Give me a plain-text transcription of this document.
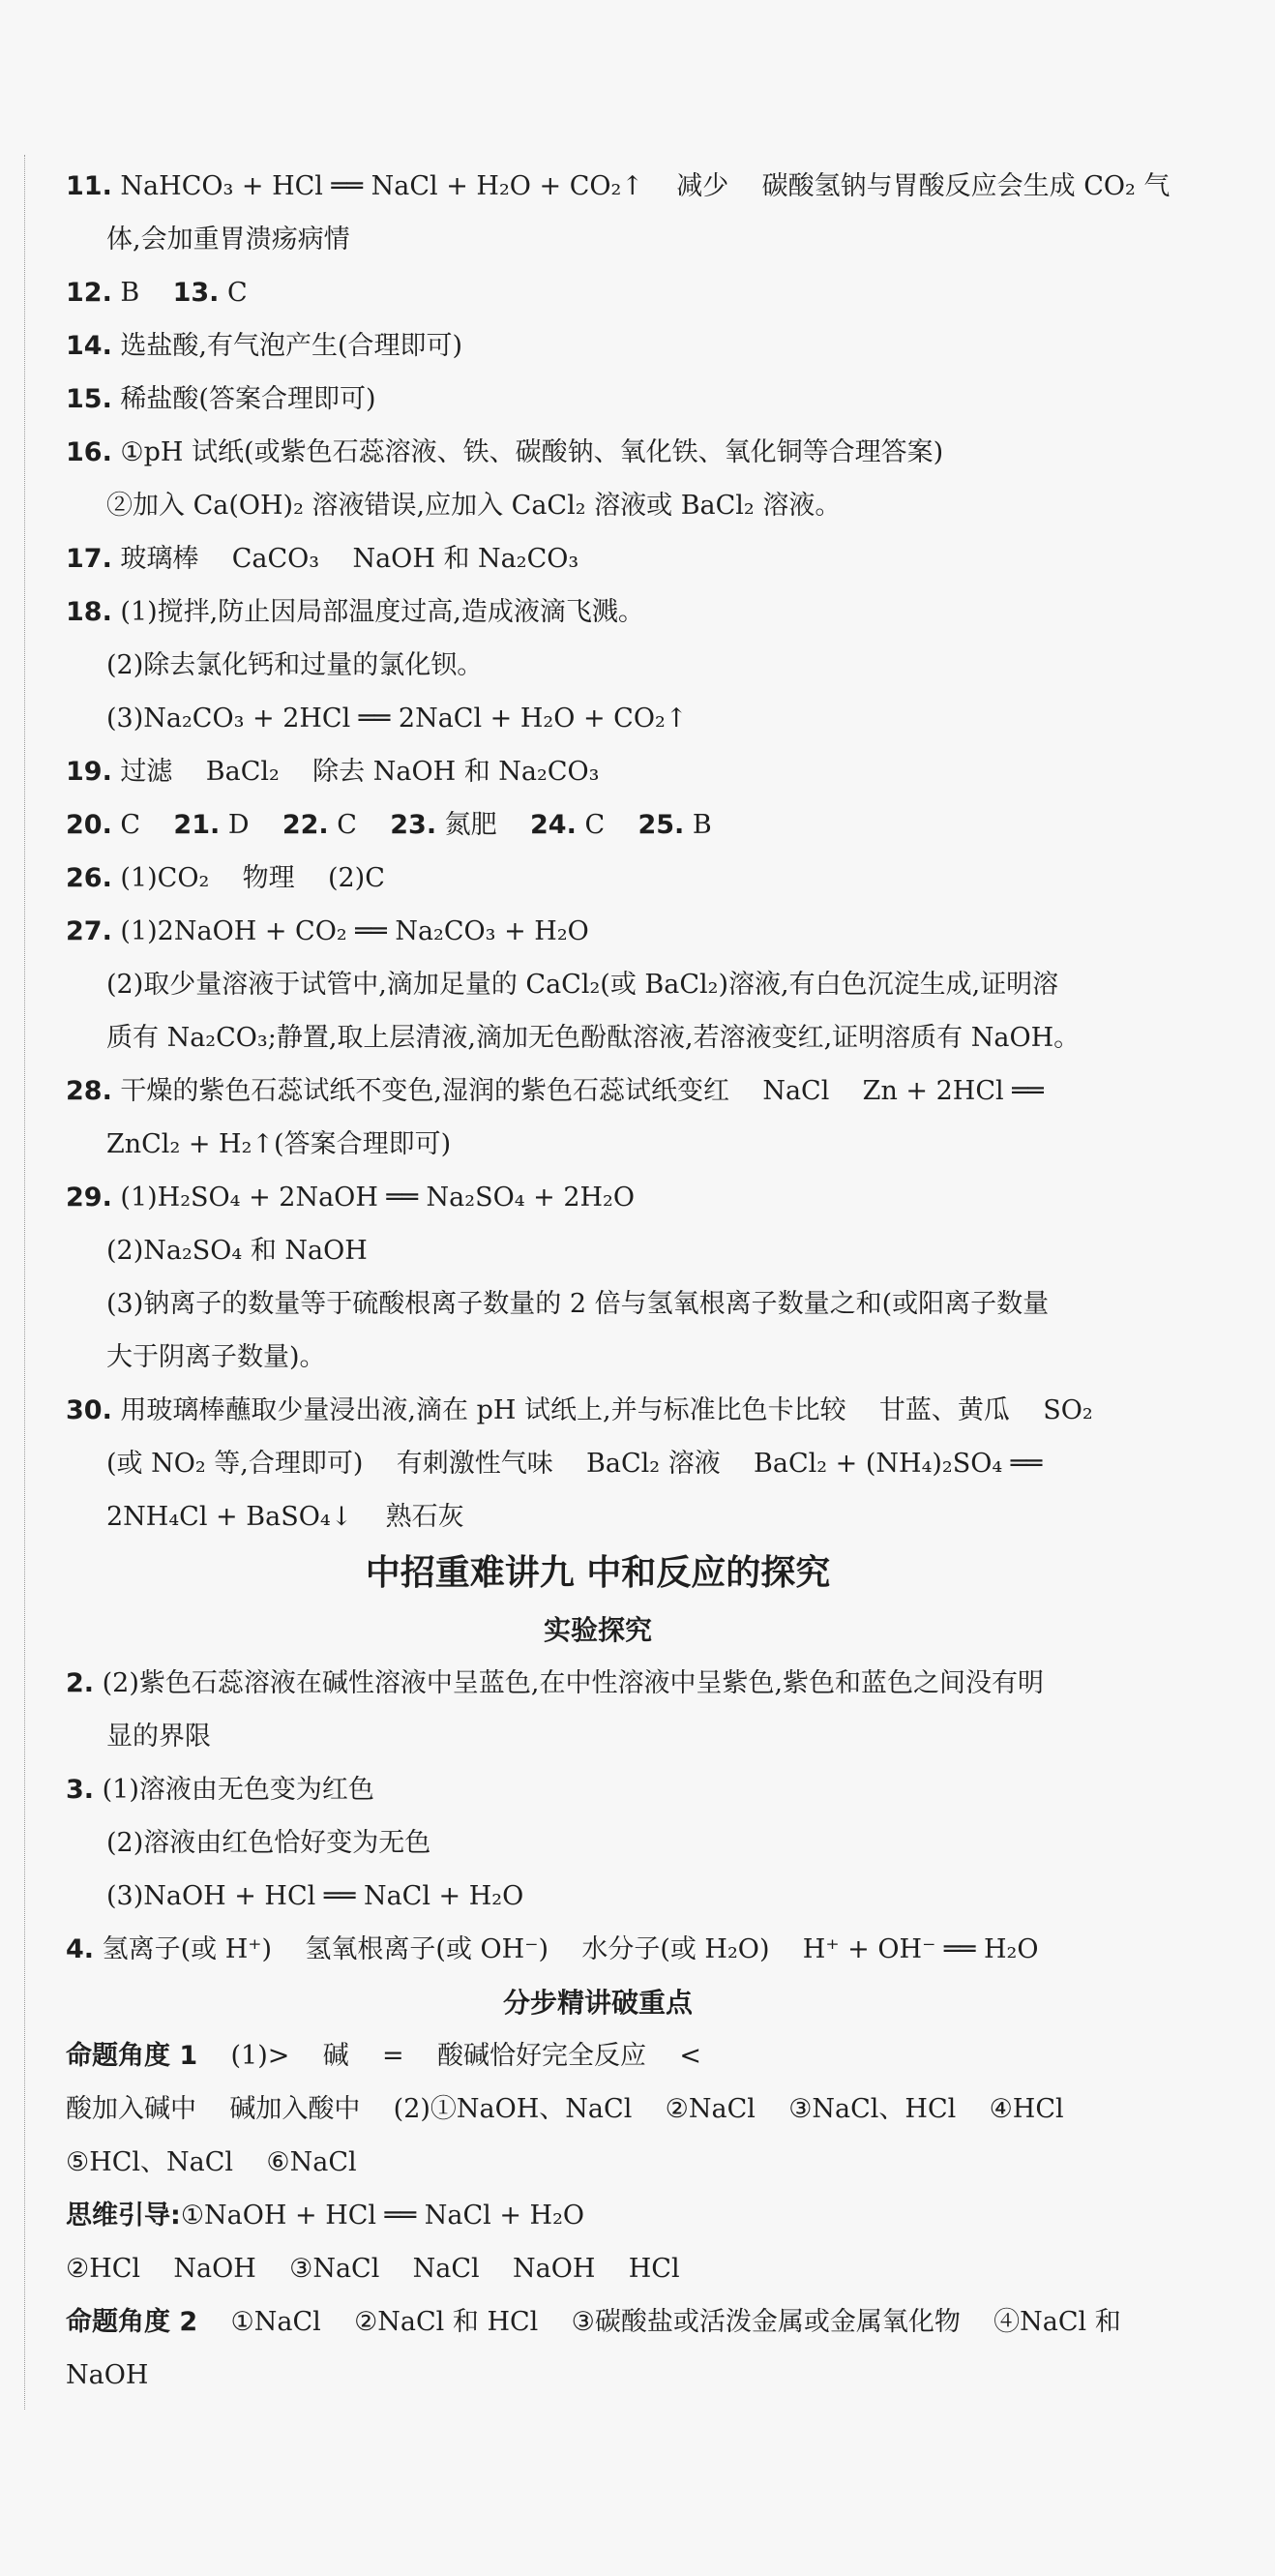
11. NaHCO₃ + HCl ══ NaCl + H₂O + CO₂↑    减少    碳酸氢钠与胃酸反应会生成 CO₂ 气
体,会加重胃溃疡病情
12. B    13. C
14. 选盐酸,有气泡产生(合理即可)
15. 稀盐酸(答案合理即可)
16. ①pH 试纸(或紫色石蕊溶液、铁、碳酸钠、氧化铁、氧化铜等合理答案)
②加入 Ca(OH)₂ 溶液错误,应加入 CaCl₂ 溶液或 BaCl₂ 溶液。
17. 玻璃棒    CaCO₃    NaOH 和 Na₂CO₃
18. (1)搅拌,防止因局部温度过高,造成液滴飞溅。
(2)除去氯化钙和过量的氯化钡。
(3)Na₂CO₃ + 2HCl ══ 2NaCl + H₂O + CO₂↑
19. 过滤    BaCl₂    除去 NaOH 和 Na₂CO₃
20. C    21. D    22. C    23. 氮肥    24. C    25. B
26. (1)CO₂    物理    (2)C
27. (1)2NaOH + CO₂ ══ Na₂CO₃ + H₂O
(2)取少量溶液于试管中,滴加足量的 CaCl₂(或 BaCl₂)溶液,有白色沉淀生成,证明溶
质有 Na₂CO₃;静置,取上层清液,滴加无色酚酞溶液,若溶液变红,证明溶质有 NaOH。
28. 干燥的紫色石蕊试纸不变色,湿润的紫色石蕊试纸变红    NaCl    Zn + 2HCl ══
ZnCl₂ + H₂↑(答案合理即可)
29. (1)H₂SO₄ + 2NaOH ══ Na₂SO₄ + 2H₂O
(2)Na₂SO₄ 和 NaOH
(3)钠离子的数量等于硫酸根离子数量的 2 倍与氢氧根离子数量之和(或阳离子数量
大于阴离子数量)。
30. 用玻璃棒蘸取少量浸出液,滴在 pH 试纸上,并与标准比色卡比较    甘蓝、黄瓜    SO₂
(或 NO₂ 等,合理即可)    有刺激性气味    BaCl₂ 溶液    BaCl₂ + (NH₄)₂SO₄ ══
2NH₄Cl + BaSO₄↓    熟石灰
中招重难讲九 中和反应的探究
实验探究
2. (2)紫色石蕊溶液在碱性溶液中呈蓝色,在中性溶液中呈紫色,紫色和蓝色之间没有明
显的界限
3. (1)溶液由无色变为红色
(2)溶液由红色恰好变为无色
(3)NaOH + HCl ══ NaCl + H₂O
4. 氢离子(或 H⁺)    氢氧根离子(或 OH⁻)    水分子(或 H₂O)    H⁺ + OH⁻ ══ H₂O
分步精讲破重点
命题角度 1    (1)>    碱    =    酸碱恰好完全反应    <
酸加入碱中    碱加入酸中    (2)①NaOH、NaCl    ②NaCl    ③NaCl、HCl    ④HCl
⑤HCl、NaCl    ⑥NaCl
思维引导:①NaOH + HCl ══ NaCl + H₂O
②HCl    NaOH    ③NaCl    NaCl    NaOH    HCl
命题角度 2    ①NaCl    ②NaCl 和 HCl    ③碳酸盐或活泼金属或金属氧化物    ④NaCl 和
NaOH
